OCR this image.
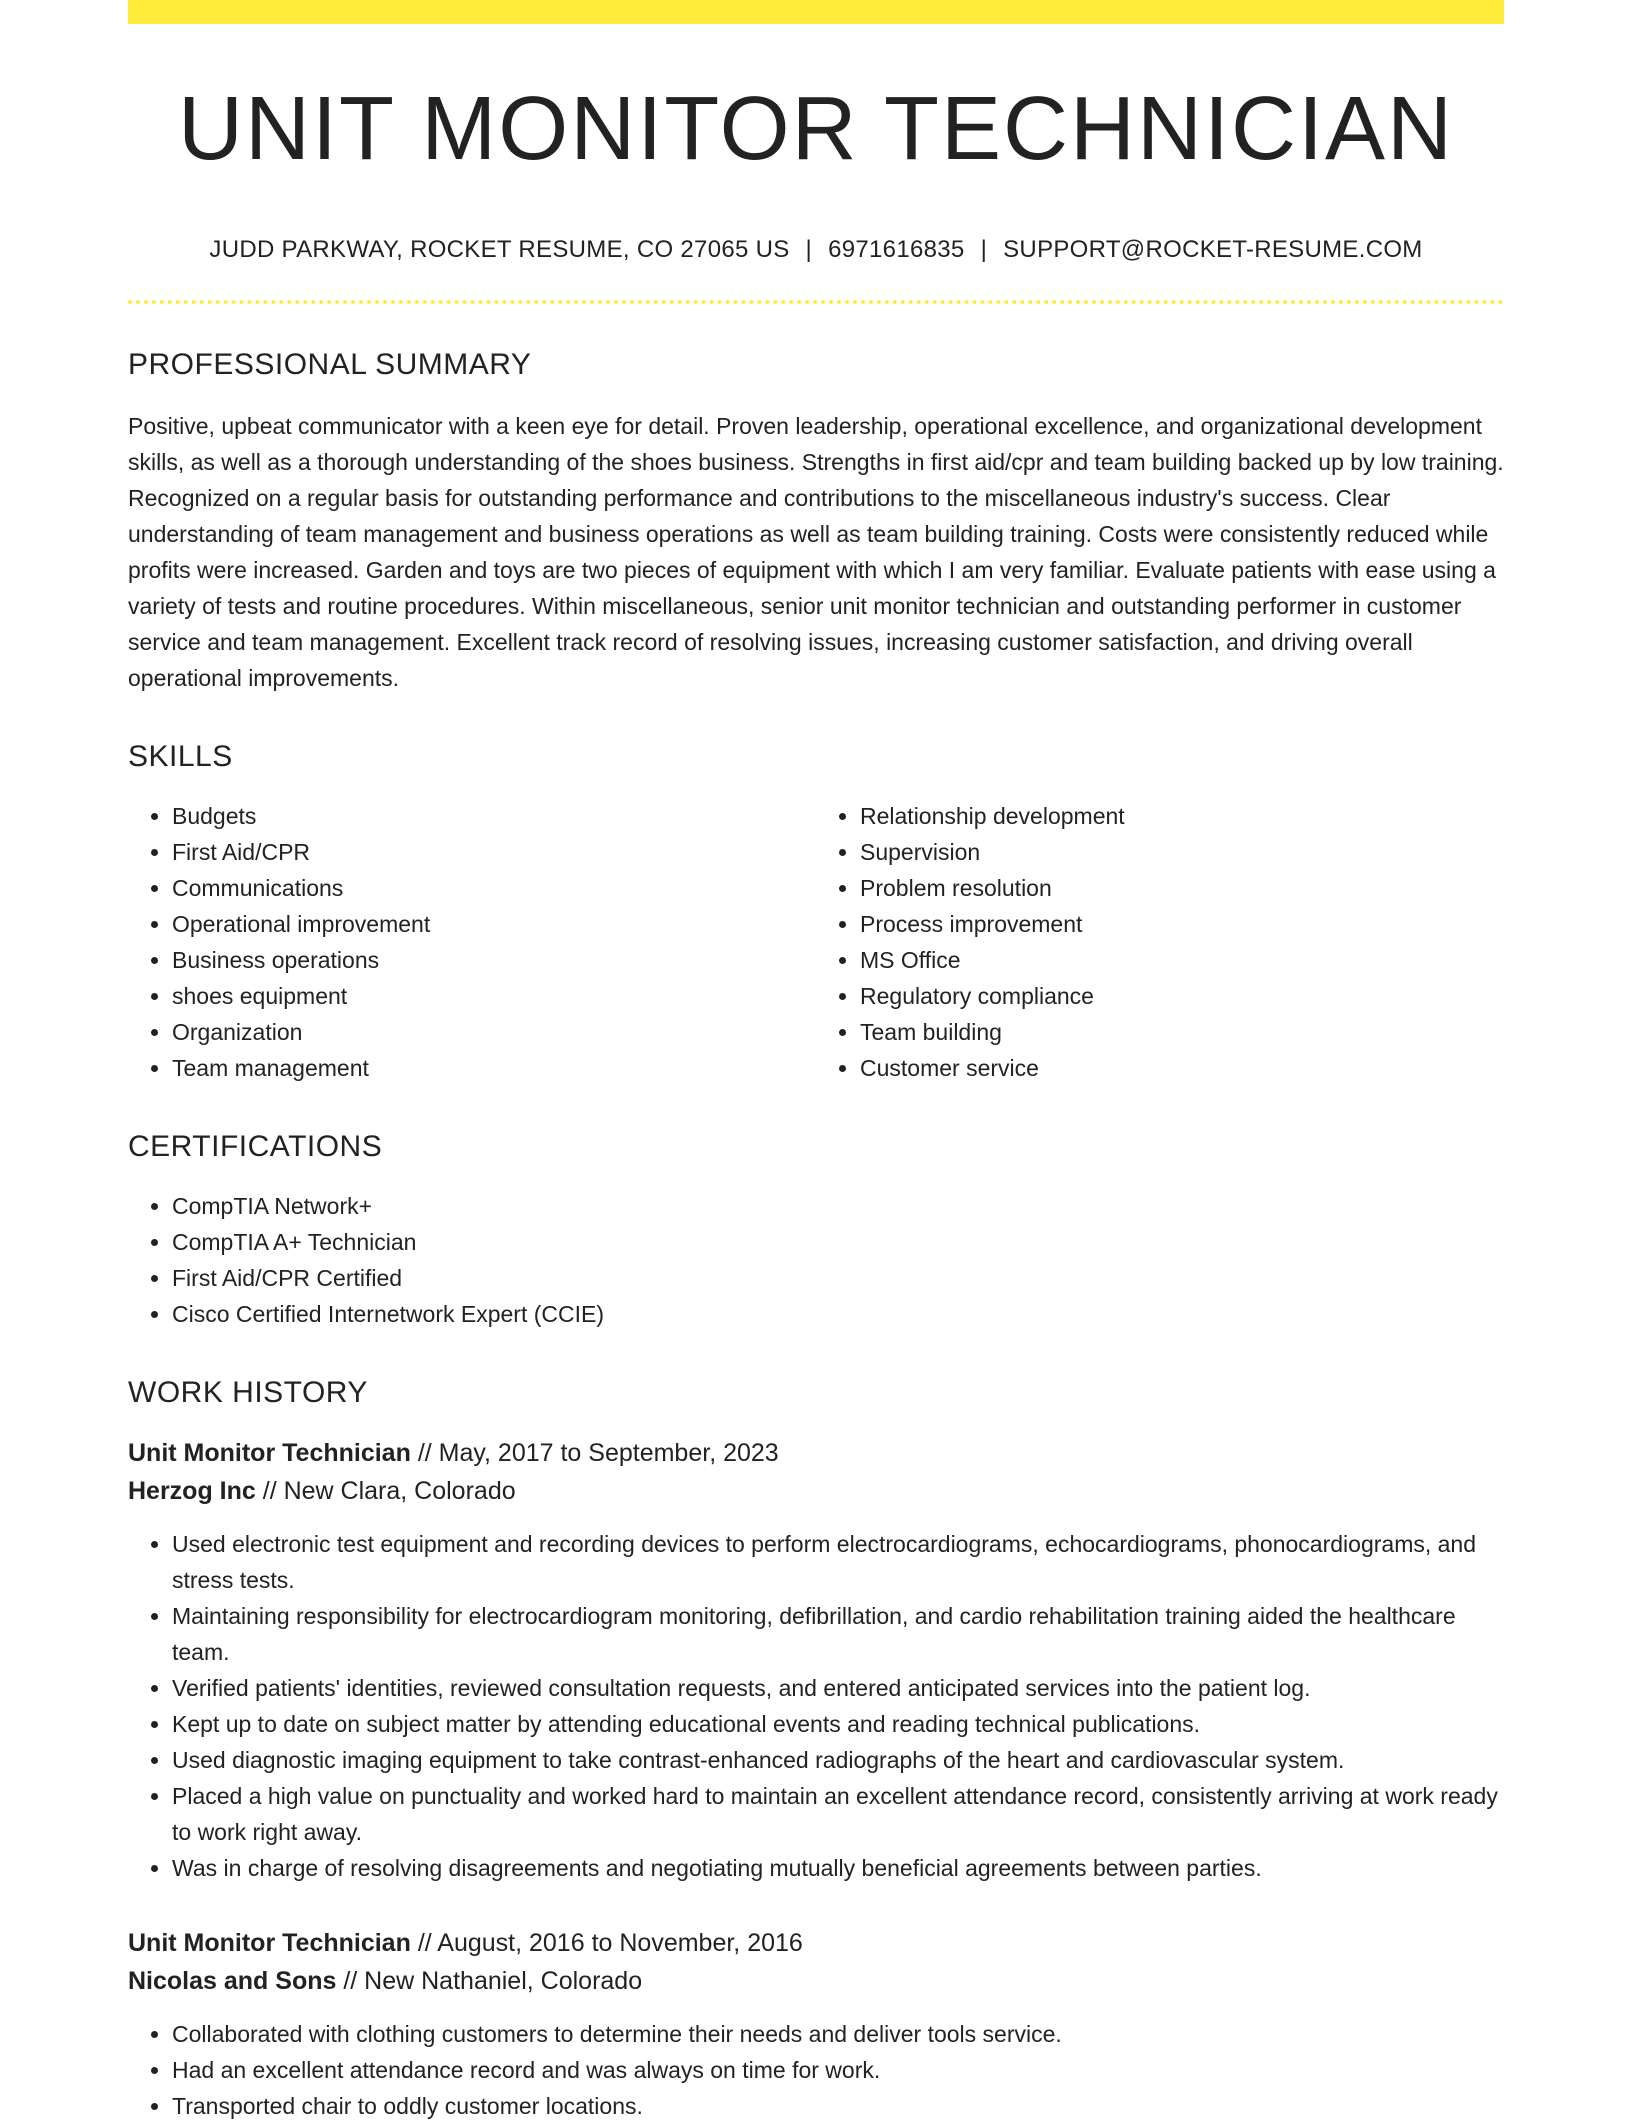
UNIT MONITOR TECHNICIAN
JUDD PARKWAY, ROCKET RESUME, CO 27065 US | 6971616835 | SUPPORT@ROCKET-RESUME.COM
PROFESSIONAL SUMMARY

Positive, upbeat communicator with a keen eye for detail. Proven leadership, operational excellence, and organizational development skills, as well as a thorough understanding of the shoes business. Strengths in first aid/cpr and team building backed up by low training. Recognized on a regular basis for outstanding performance and contributions to the miscellaneous industry's success. Clear understanding of team management and business operations as well as team building training. Costs were consistently reduced while profits were increased. Garden and toys are two pieces of equipment with which I am very familiar. Evaluate patients with ease using a variety of tests and routine procedures. Within miscellaneous, senior unit monitor technician and outstanding performer in customer service and team management. Excellent track record of resolving issues, increasing customer satisfaction, and driving overall operational improvements.

SKILLS
• Budgets
• First Aid/CPR
• Communications
• Operational improvement
• Business operations
• shoes equipment
• Organization
• Team management
• Relationship development
• Supervision
• Problem resolution
• Process improvement
• MS Office
• Regulatory compliance
• Team building
• Customer service
CERTIFICATIONS
• CompTIA Network+
• CompTIA A+ Technician
• First Aid/CPR Certified
• Cisco Certified Internetwork Expert (CCIE)
WORK HISTORY
Unit Monitor Technician // May, 2017 to September, 2023
Herzog Inc // New Clara, Colorado
• Used electronic test equipment and recording devices to perform electrocardiograms, echocardiograms, phonocardiograms, and stress tests.
• Maintaining responsibility for electrocardiogram monitoring, defibrillation, and cardio rehabilitation training aided the healthcare team.
• Verified patients' identities, reviewed consultation requests, and entered anticipated services into the patient log.
• Kept up to date on subject matter by attending educational events and reading technical publications.
• Used diagnostic imaging equipment to take contrast-enhanced radiographs of the heart and cardiovascular system.
• Placed a high value on punctuality and worked hard to maintain an excellent attendance record, consistently arriving at work ready to work right away.
• Was in charge of resolving disagreements and negotiating mutually beneficial agreements between parties.
Unit Monitor Technician // August, 2016 to November, 2016
Nicolas and Sons // New Nathaniel, Colorado
• Collaborated with clothing customers to determine their needs and deliver tools service.
• Had an excellent attendance record and was always on time for work.
• Transported chair to oddly customer locations.
